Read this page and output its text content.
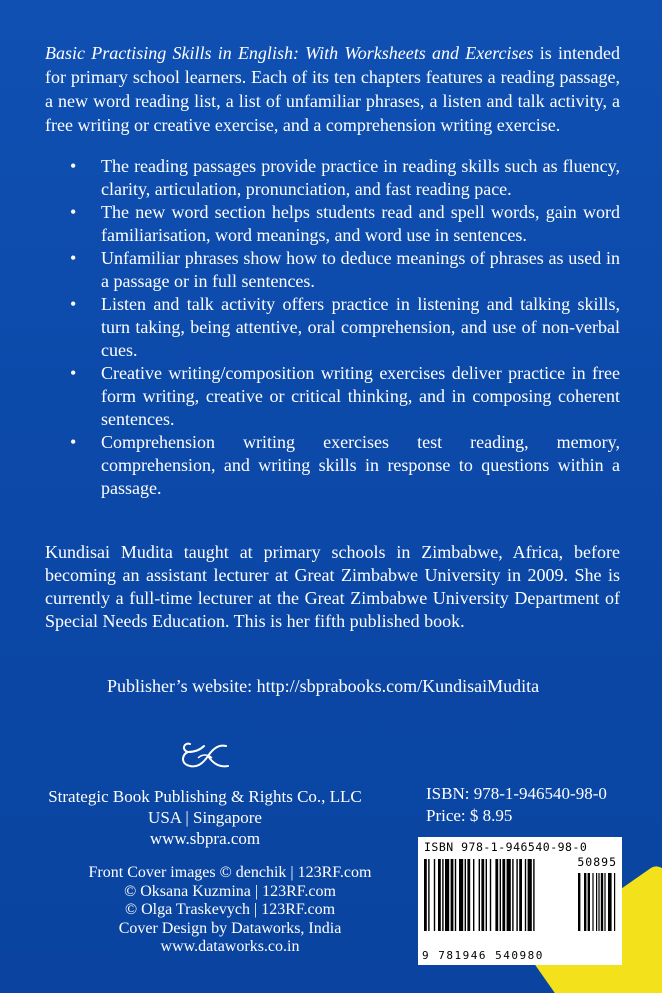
Basic Practising Skills in English: With Worksheets and Exercises is intended for primary school learners. Each of its ten chapters features a reading passage, a new word reading list, a list of unfamiliar phrases, a listen and talk activity, a free writing or creative exercise, and a comprehension writing exercise.

• The reading passages provide practice in reading skills such as fluency, clarity, articulation, pronunciation, and fast reading pace.
• The new word section helps students read and spell words, gain word familiarisation, word meanings, and word use in sentences.
• Unfamiliar phrases show how to deduce meanings of phrases as used in a passage or in full sentences.
• Listen and talk activity offers practice in listening and talking skills, turn taking, being attentive, oral comprehension, and use of non-verbal cues.
• Creative writing/composition writing exercises deliver practice in free form writing, creative or critical thinking, and in composing coherent sentences.
• Comprehension writing exercises test reading, memory, comprehension, and writing skills in response to questions within a passage.

Kundisai Mudita taught at primary schools in Zimbabwe, Africa, before becoming an assistant lecturer at Great Zimbabwe University in 2009. She is currently a full-time lecturer at the Great Zimbabwe University Department of Special Needs Education. This is her fifth published book.

Publisher’s website: http://sbprabooks.com/KundisaiMudita
Strategic Book Publishing & Rights Co., LLC
USA | Singapore
www.sbpra.com
Front Cover images © denchik | 123RF.com
© Oksana Kuzmina | 123RF.com
© Olga Traskevych | 123RF.com
Cover Design by Dataworks, India
www.dataworks.co.in
ISBN: 978-1-946540-98-0
Price: $ 8.95
ISBN 978-1-946540-98-0
50895
9 781946 540980
